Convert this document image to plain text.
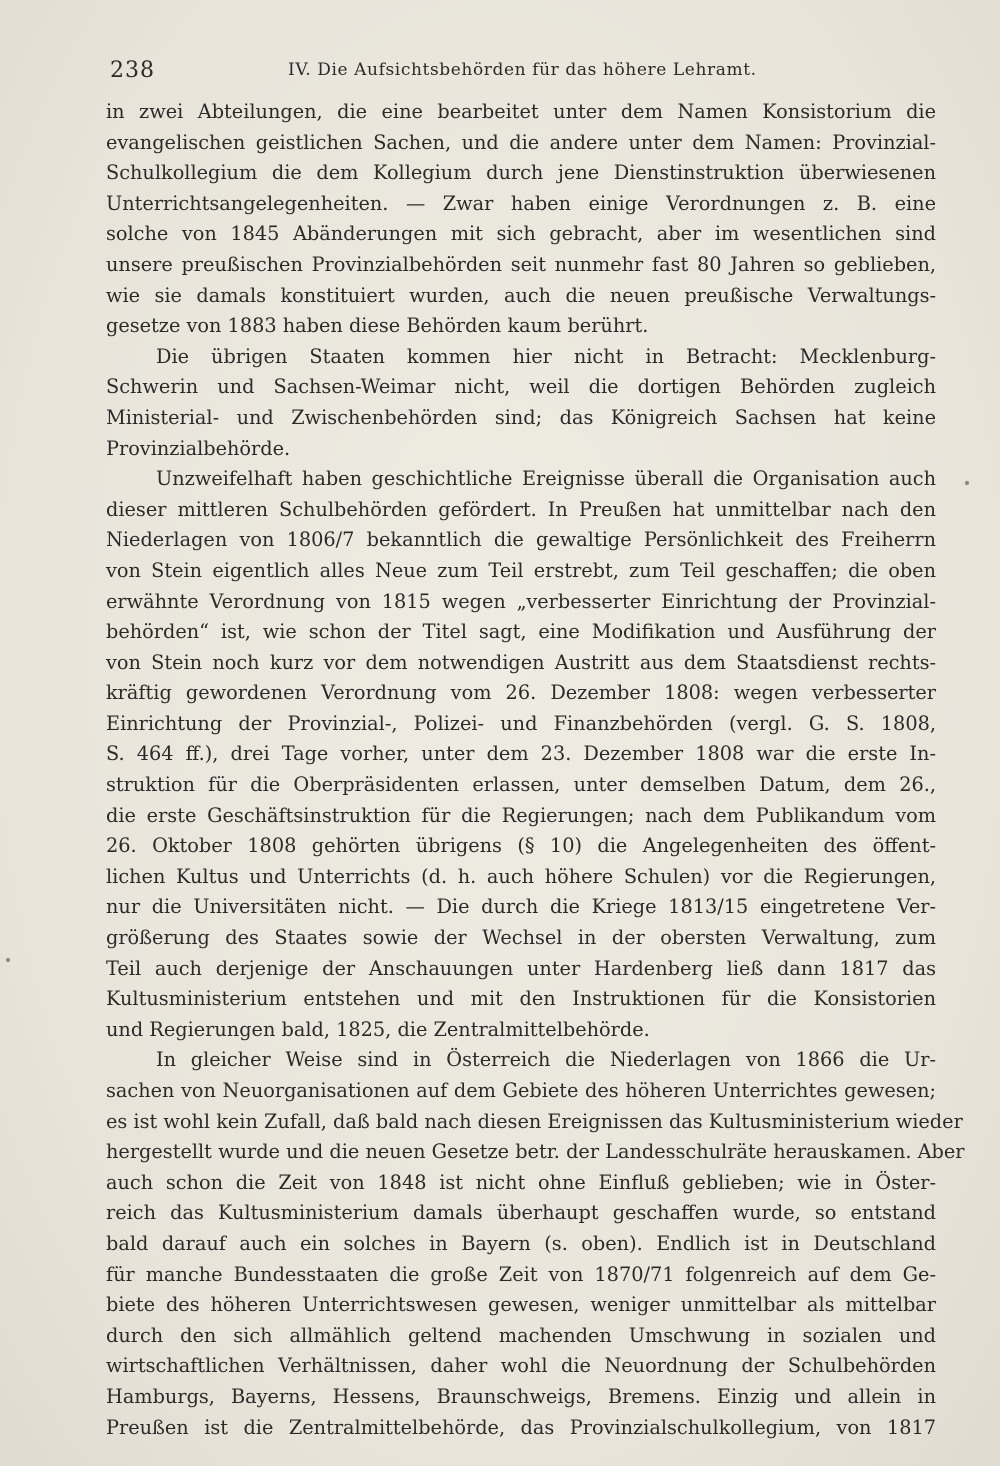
238	IV. Die Aufsichtsbehörden für das höhere Lehramt.
in zwei Abteilungen, die eine bearbeitet unter dem Namen Konsistorium die
evangelischen geistlichen Sachen, und die andere unter dem Namen: Provinzial-
Schulkollegium die dem Kollegium durch jene Dienstinstruktion überwiesenen
Unterrichtsangelegenheiten. — Zwar haben einige Verordnungen z. B. eine
solche von 1845 Abänderungen mit sich gebracht, aber im wesentlichen sind
unsere preußischen Provinzialbehörden seit nunmehr fast 80 Jahren so geblieben,
wie sie damals konstituiert wurden, auch die neuen preußische Verwaltungs-
gesetze von 1883 haben diese Behörden kaum berührt.
Die übrigen Staaten kommen hier nicht in Betracht: Mecklenburg-
Schwerin und Sachsen-Weimar nicht, weil die dortigen Behörden zugleich
Ministerial- und Zwischenbehörden sind; das Königreich Sachsen hat keine
Provinzialbehörde.
Unzweifelhaft haben geschichtliche Ereignisse überall die Organisation auch
dieser mittleren Schulbehörden gefördert. In Preußen hat unmittelbar nach den
Niederlagen von 1806/7 bekanntlich die gewaltige Persönlichkeit des Freiherrn
von Stein eigentlich alles Neue zum Teil erstrebt, zum Teil geschaffen; die oben
erwähnte Verordnung von 1815 wegen „verbesserter Einrichtung der Provinzial-
behörden“ ist, wie schon der Titel sagt, eine Modifikation und Ausführung der
von Stein noch kurz vor dem notwendigen Austritt aus dem Staatsdienst rechts-
kräftig gewordenen Verordnung vom 26. Dezember 1808: wegen verbesserter
Einrichtung der Provinzial-, Polizei- und Finanzbehörden (vergl. G. S. 1808,
S. 464 ff.), drei Tage vorher, unter dem 23. Dezember 1808 war die erste In-
struktion für die Oberpräsidenten erlassen, unter demselben Datum, dem 26.,
die erste Geschäftsinstruktion für die Regierungen; nach dem Publikandum vom
26. Oktober 1808 gehörten übrigens (§ 10) die Angelegenheiten des öffent-
lichen Kultus und Unterrichts (d. h. auch höhere Schulen) vor die Regierungen,
nur die Universitäten nicht. — Die durch die Kriege 1813/15 eingetretene Ver-
größerung des Staates sowie der Wechsel in der obersten Verwaltung, zum
Teil auch derjenige der Anschauungen unter Hardenberg ließ dann 1817 das
Kultusministerium entstehen und mit den Instruktionen für die Konsistorien
und Regierungen bald, 1825, die Zentralmittelbehörde.
In gleicher Weise sind in Österreich die Niederlagen von 1866 die Ur-
sachen von Neuorganisationen auf dem Gebiete des höheren Unterrichtes gewesen;
es ist wohl kein Zufall, daß bald nach diesen Ereignissen das Kultusministerium wieder
hergestellt wurde und die neuen Gesetze betr. der Landesschulräte herauskamen. Aber
auch schon die Zeit von 1848 ist nicht ohne Einfluß geblieben; wie in Öster-
reich das Kultusministerium damals überhaupt geschaffen wurde, so entstand
bald darauf auch ein solches in Bayern (s. oben). Endlich ist in Deutschland
für manche Bundesstaaten die große Zeit von 1870/71 folgenreich auf dem Ge-
biete des höheren Unterrichtswesen gewesen, weniger unmittelbar als mittelbar
durch den sich allmählich geltend machenden Umschwung in sozialen und
wirtschaftlichen Verhältnissen, daher wohl die Neuordnung der Schulbehörden
Hamburgs, Bayerns, Hessens, Braunschweigs, Bremens. Einzig und allein in
Preußen ist die Zentralmittelbehörde, das Provinzialschulkollegium, von 1817
